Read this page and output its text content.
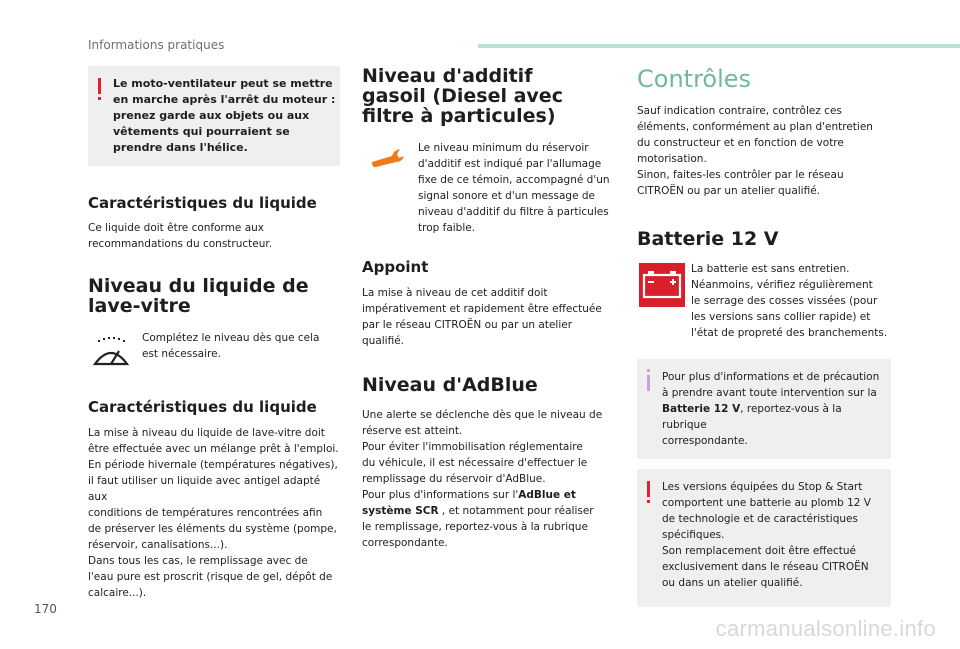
Informations pratiques
Le moto-ventilateur peut se mettre en marche après l'arrêt du moteur : prenez garde aux objets ou aux vêtements qui pourraient se prendre dans l'hélice.
Caractéristiques du liquide
Ce liquide doit être conforme aux
recommandations du constructeur.
Niveau du liquide de lave-vitre
Complétez le niveau dès que cela
est nécessaire.
Caractéristiques du liquide
La mise à niveau du liquide de lave-vitre doit
être effectuée avec un mélange prêt à l'emploi.
En période hivernale (températures négatives),
il faut utiliser un liquide avec antigel adapté aux
conditions de températures rencontrées afin
de préserver les éléments du système (pompe,
réservoir, canalisations...).
Dans tous les cas, le remplissage avec de
l'eau pure est proscrit (risque de gel, dépôt de
calcaire...).
Niveau d'additif gasoil (Diesel avec filtre à particules)
Le niveau minimum du réservoir
d'additif est indiqué par l'allumage
fixe de ce témoin, accompagné d'un
signal sonore et d'un message de
niveau d'additif du filtre à particules
trop faible.
Appoint
La mise à niveau de cet additif doit
impérativement et rapidement être effectuée
par le réseau CITROËN ou par un atelier
qualifié.
Niveau d'AdBlue
Une alerte se déclenche dès que le niveau de
réserve est atteint.
Pour éviter l'immobilisation réglementaire
du véhicule, il est nécessaire d'effectuer le
remplissage du réservoir d'AdBlue.
Pour plus d'informations sur l'AdBlue et système SCR , et notamment pour réaliser
le remplissage, reportez-vous à la rubrique
correspondante.
Contrôles
Sauf indication contraire, contrôlez ces
éléments, conformément au plan d'entretien
du constructeur et en fonction de votre
motorisation.
Sinon, faites-les contrôler par le réseau
CITROËN ou par un atelier qualifié.
Batterie 12 V
La batterie est sans entretien.
Néanmoins, vérifiez régulièrement
le serrage des cosses vissées (pour
les versions sans collier rapide) et
l'état de propreté des branchements.
Pour plus d'informations et de précaution
à prendre avant toute intervention sur la
Batterie 12 V, reportez-vous à la rubrique
correspondante.
Les versions équipées du Stop & Start
comportent une batterie au plomb 12 V
de technologie et de caractéristiques
spécifiques.
Son remplacement doit être effectué
exclusivement dans le réseau CITROËN
ou dans un atelier qualifié.
170
carmanualsonline.info
